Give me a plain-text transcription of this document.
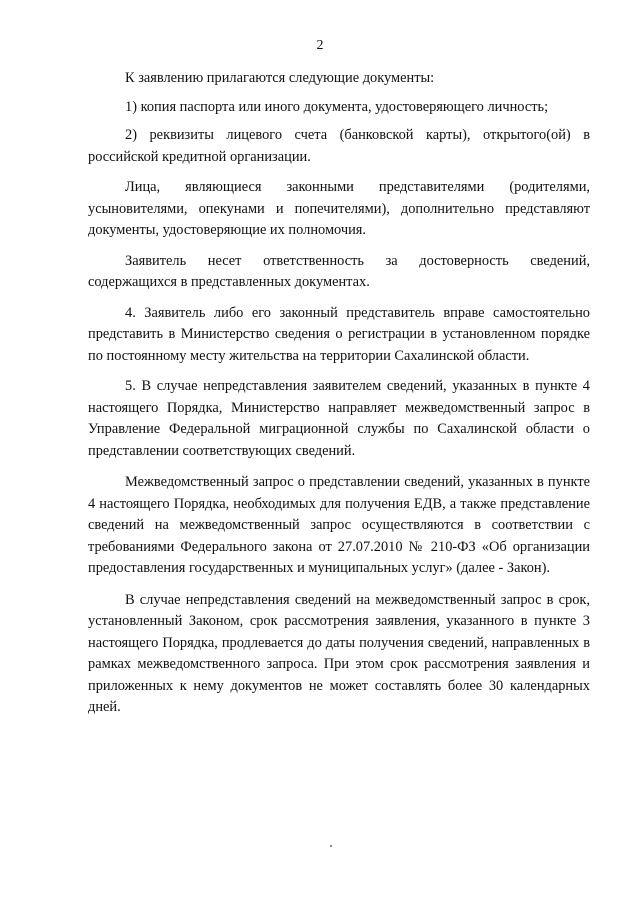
2

К заявлению прилагаются следующие документы:

1) копия паспорта или иного документа, удостоверяющего личность;

2) реквизиты лицевого счета (банковской карты), открытого(ой) в российской кредитной организации.

Лица, являющиеся законными представителями (родителями, усыновителями, опекунами и попечителями), дополнительно представляют документы, удостоверяющие их полномочия.

Заявитель несет ответственность за достоверность сведений, содержащихся в представленных документах.

4. Заявитель либо его законный представитель вправе самостоятельно представить в Министерство сведения о регистрации в установленном порядке по постоянному месту жительства на территории Сахалинской области.

5. В случае непредставления заявителем сведений, указанных в пункте 4 настоящего Порядка, Министерство направляет межведомственный запрос в Управление Федеральной миграционной службы по Сахалинской области о представлении соответствующих сведений.

Межведомственный запрос о представлении сведений, указанных в пункте 4 настоящего Порядка, необходимых для получения ЕДВ, а также представление сведений на межведомственный запрос осуществляются в соответствии с требованиями Федерального закона от 27.07.2010 № 210-ФЗ «Об организации предоставления государственных и муниципальных услуг» (далее - Закон).

В случае непредставления сведений на межведомственный запрос в срок, установленный Законом, срок рассмотрения заявления, указанного в пункте 3 настоящего Порядка, продлевается до даты получения сведений, направленных в рамках межведомственного запроса. При этом срок рассмотрения заявления и приложенных к нему документов не может составлять более 30 календарных дней.
